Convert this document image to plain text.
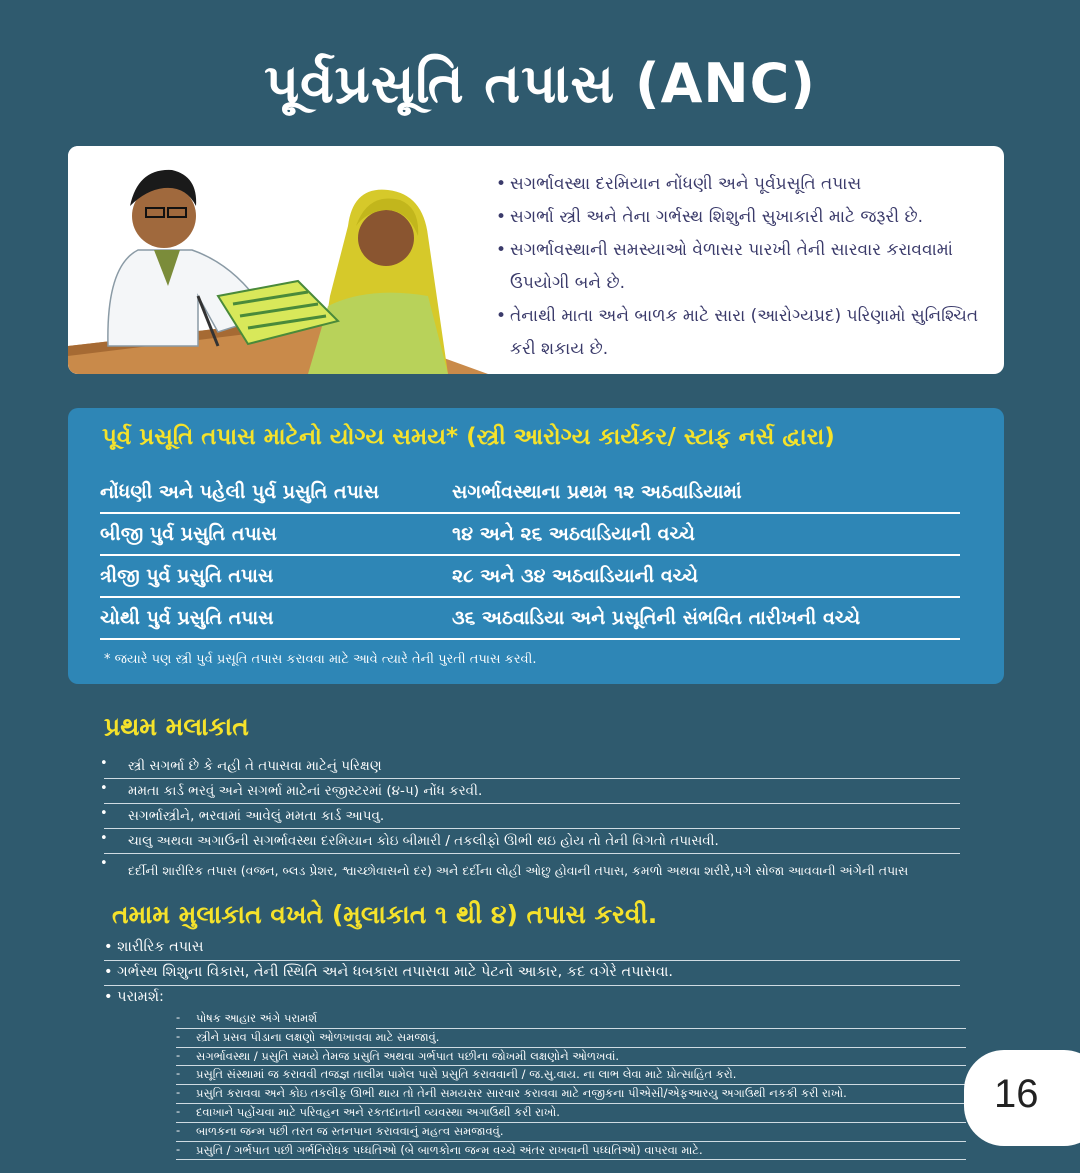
પૂર્વપ્રસૂતિ તપાસ (ANC)
• સગર્ભાવસ્થા દરમિયાન નોંધણી અને પૂર્વપ્રસૂતિ તપાસ
• સગર્ભા સ્ત્રી અને તેના ગર્ભસ્થ શિશુની સુખાકારી માટે જરૂરી છે.
• સગર્ભાવસ્થાની સમસ્યાઓ વેળાસર પારખી તેની સારવાર કરાવવામાં ઉપયોગી બને છે.
• તેનાથી માતા અને બાળક માટે સારા (આરોગ્યપ્રદ) પરિણામો સુનિશ્ચિત કરી શકાય છે.
પૂર્વ પ્રસૂતિ તપાસ માટેનો યોગ્ય સમય* (સ્ત્રી આરોગ્ય કાર્યકર/ સ્ટાફ નર્સ દ્વારા)
નોંધણી અને પહેલી પુર્વ પ્રસુતિ તપાસ	સગર્ભાવસ્થાના પ્રથમ ૧૨ અઠવાડિયામાં
બીજી પુર્વ પ્રસુતિ તપાસ	૧૪ અને ૨૬ અઠવાડિયાની વચ્ચે
ત્રીજી પુર્વ પ્રસુતિ તપાસ	૨૮ અને ૩૪ અઠવાડિયાની વચ્ચે
ચોથી પુર્વ પ્રસુતિ તપાસ	૩૬ અઠવાડિયા અને પ્રસૂતિની સંભવિત તારીખની વચ્ચે
* જયારે પણ સ્ત્રી પુર્વ પ્રસૂતિ તપાસ કરાવવા માટે આવે ત્યારે તેની પુરતી તપાસ કરવી.
પ્રથમ મલાકાત
• સ્ત્રી સગર્ભા છે કે નહી તે તપાસવા માટેનું પરિક્ષણ
• મમતા કાર્ડ ભરવું અને સગર્ભા માટેનાં રજીસ્ટરમાં (૪-૫) નોંધ કરવી.
• સગર્ભાસ્ત્રીને, ભરવામાં આવેલું મમતા કાર્ડ આપવુ.
• ચાલુ અથવા અગાઉની સગર્ભાવસ્થા દરમિયાન કોઇ બીમારી / તકલીફો ઊભી થઇ હોય તો તેની વિગતો તપાસવી.
• દર્દીની શારીરિક તપાસ (વજન, બ્લડ પ્રેશર, શ્વાચ્છોવાસનો દર) અને દર્દીના લોહી ઓછુ હોવાની તપાસ, કમળો અથવા શરીરે,પગે સોજા આવવાની અંગેની તપાસ
તમામ મુલાકાત વખતે (મુલાકાત ૧ થી ૪) તપાસ કરવી.
• શારીરિક તપાસ
• ગર્ભસ્થ શિશુના વિકાસ, તેની સ્થિતિ અને ધબકારા તપાસવા માટે પેટનો આકાર, કદ વગેરે તપાસવા.
• પરામર્શ:
- પોષક આહાર અંગે પરામર્શ
- સ્ત્રીને પ્રસવ પીડાના લક્ષણો ઓળખાવવા માટે સમજાવું.
- સગર્ભાવસ્થા / પ્રસુતિ સમયે તેમજ પ્રસુતિ અથવા ગર્ભપાત પછીના જોખમી લક્ષણોને ઓળખવાં.
- પ્રસૂતિ સંસ્થામાં જ કરાવવી તજજ્ઞ તાલીમ પામેલ પાસે પ્રસુતિ કરાવવાની / જ.સુ.વાય. ના લાભ લેવા માટે પ્રોત્સાહિત કરો.
- પ્રસુતિ કરાવવા અને કોઇ તકલીફ ઊભી થાય તો તેની સમયસર સારવાર કરાવવા માટે નજીકના પીએસી/એફઆરયુ અગાઉથી નકકી કરી રાખો.
- દવાખાને પહોંચવા માટે પરિવહન અને રકતદાતાની વ્યવસ્થા અગાઉથી કરી રાખો.
- બાળકના જન્મ પછી તરત જ સ્તનપાન કરાવવાનું મહત્વ સમજાવવું.
- પ્રસુતિ / ગર્ભપાત પછી ગર્ભનિરોધક પધ્ધતિઓ (બે બાળકોના જન્મ વચ્ચે અંતર રાખવાની પધ્ધતિઓ) વાપરવા માટે.
16
